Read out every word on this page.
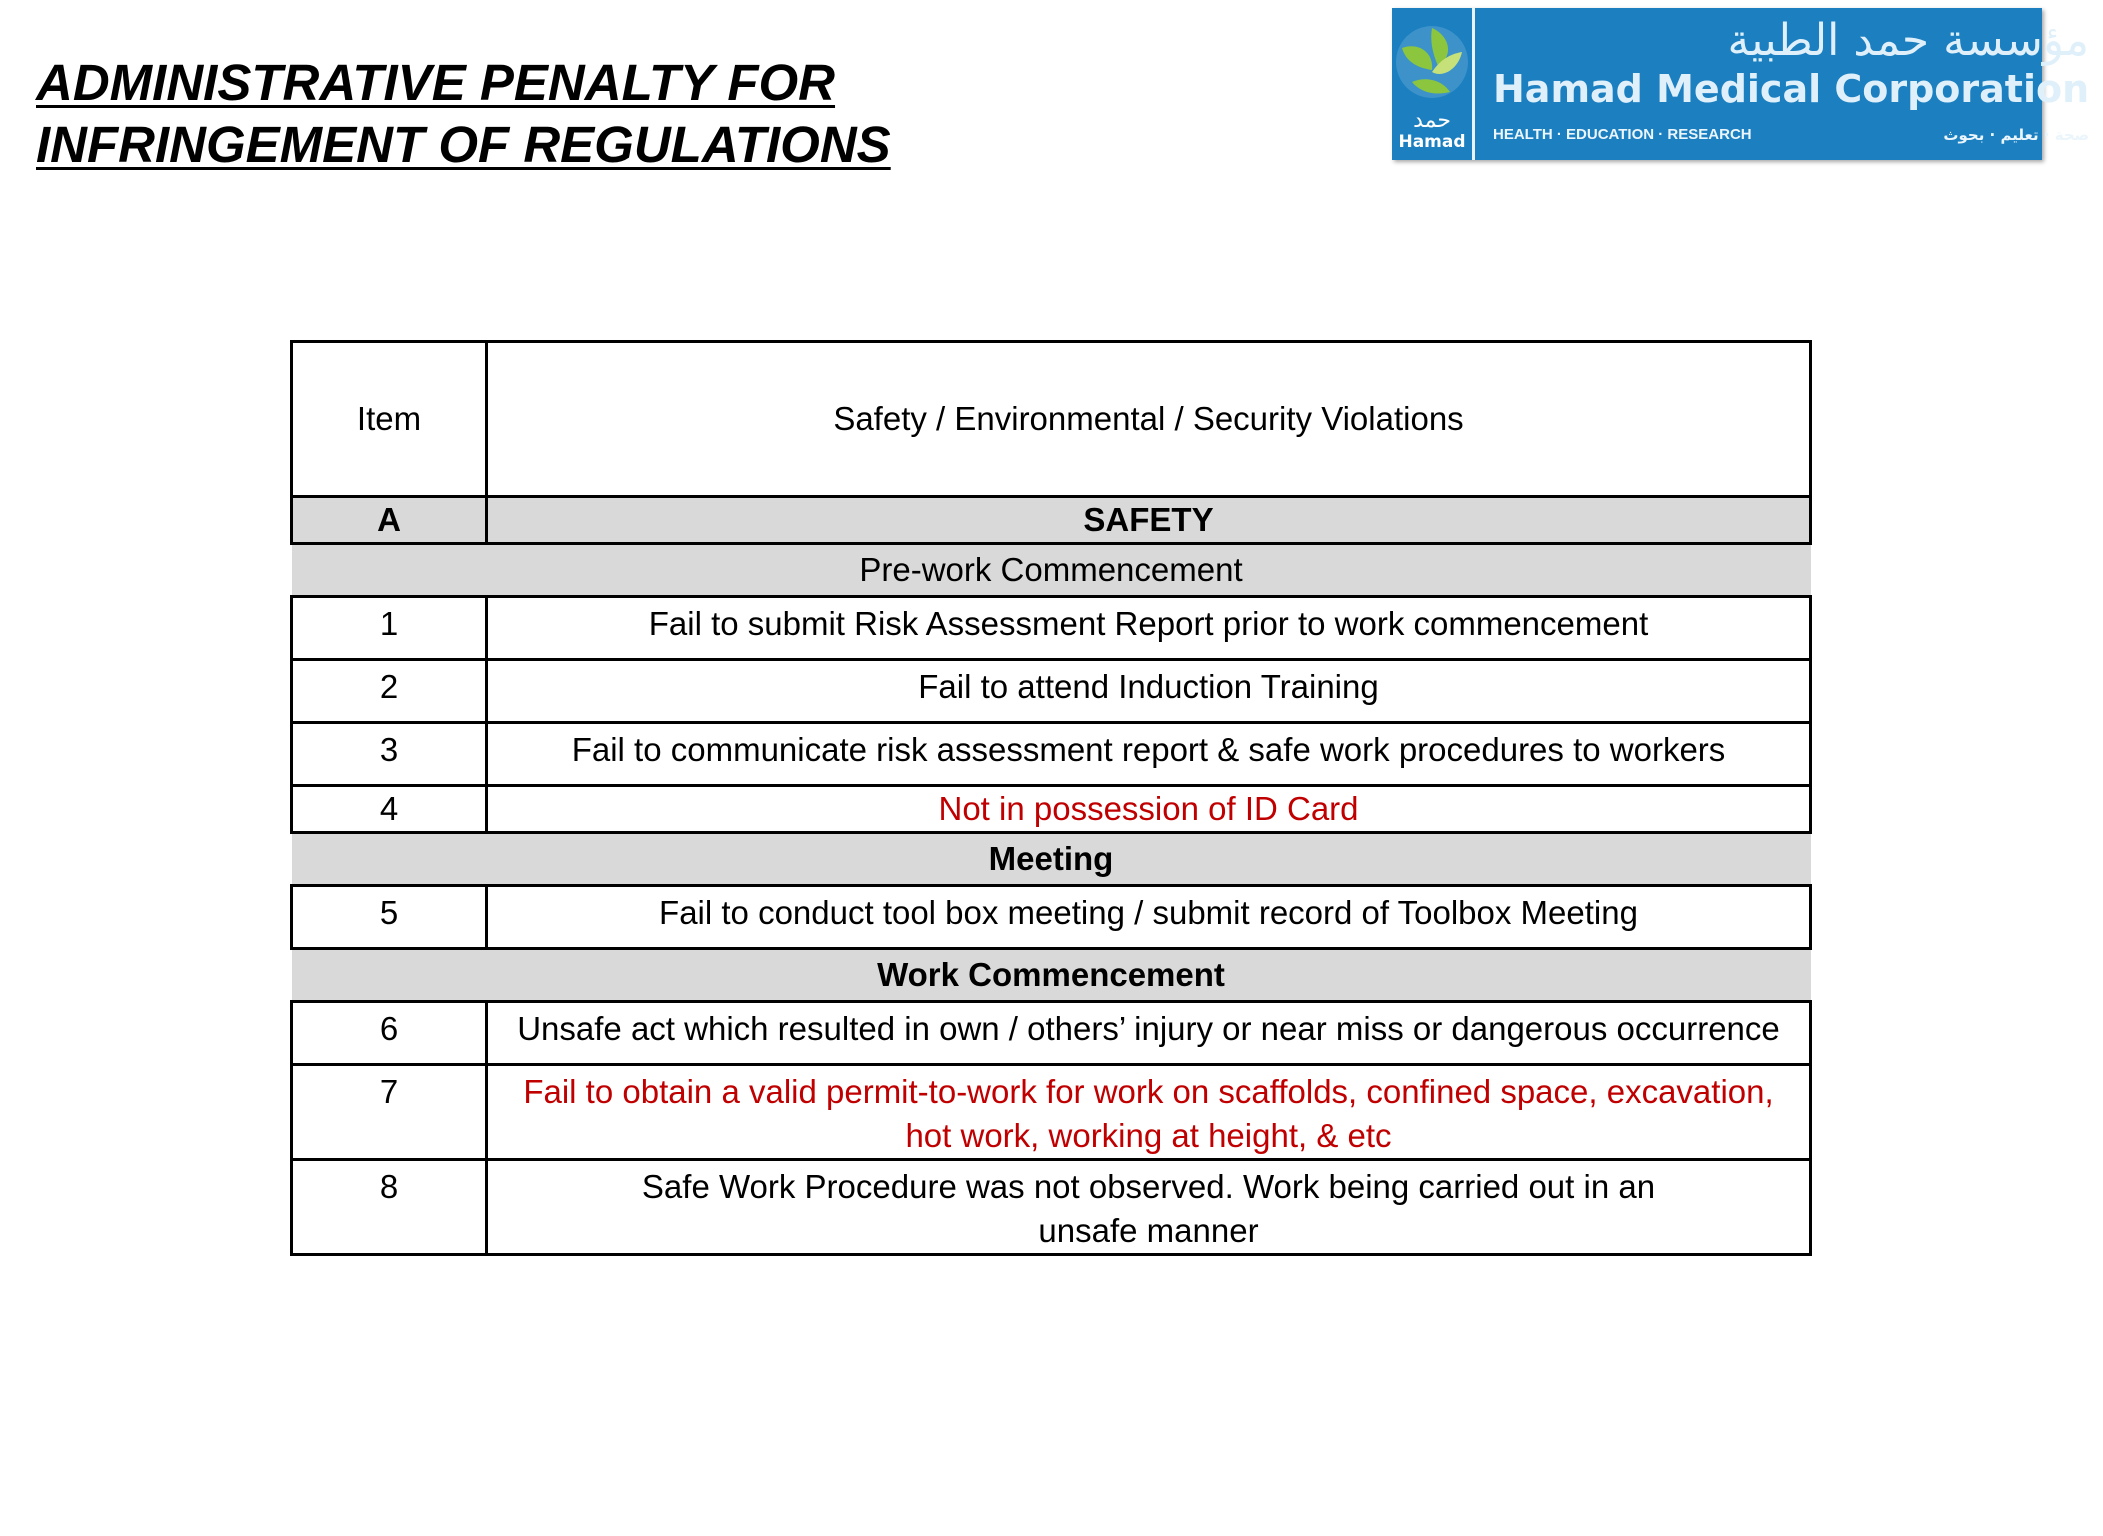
ADMINISTRATIVE PENALTY FOR
INFRINGEMENT OF REGULATIONS	حمد
Hamad
مؤسسة حمد الطبية
Hamad Medical Corporation
HEALTH · EDUCATION · RESEARCH	صحة · تعليم · بحوث
Item	Safety / Environmental / Security Violations
A	SAFETY
Pre-work Commencement	
1	Fail to submit Risk Assessment Report prior to work commencement
2	Fail to attend Induction Training
3	Fail to communicate risk assessment report & safe work procedures to workers
4	Not in possession of ID Card
Meeting	
5	Fail to conduct tool box meeting / submit record of Toolbox Meeting
Work Commencement	
6	Unsafe act which resulted in own / others’ injury or near miss or dangerous occurrence
7	Fail to obtain a valid permit-to-work for work on scaffolds, confined space, excavation,
hot work, working at height, & etc

8	Safe Work Procedure was not observed. Work being carried out in an
unsafe manner
